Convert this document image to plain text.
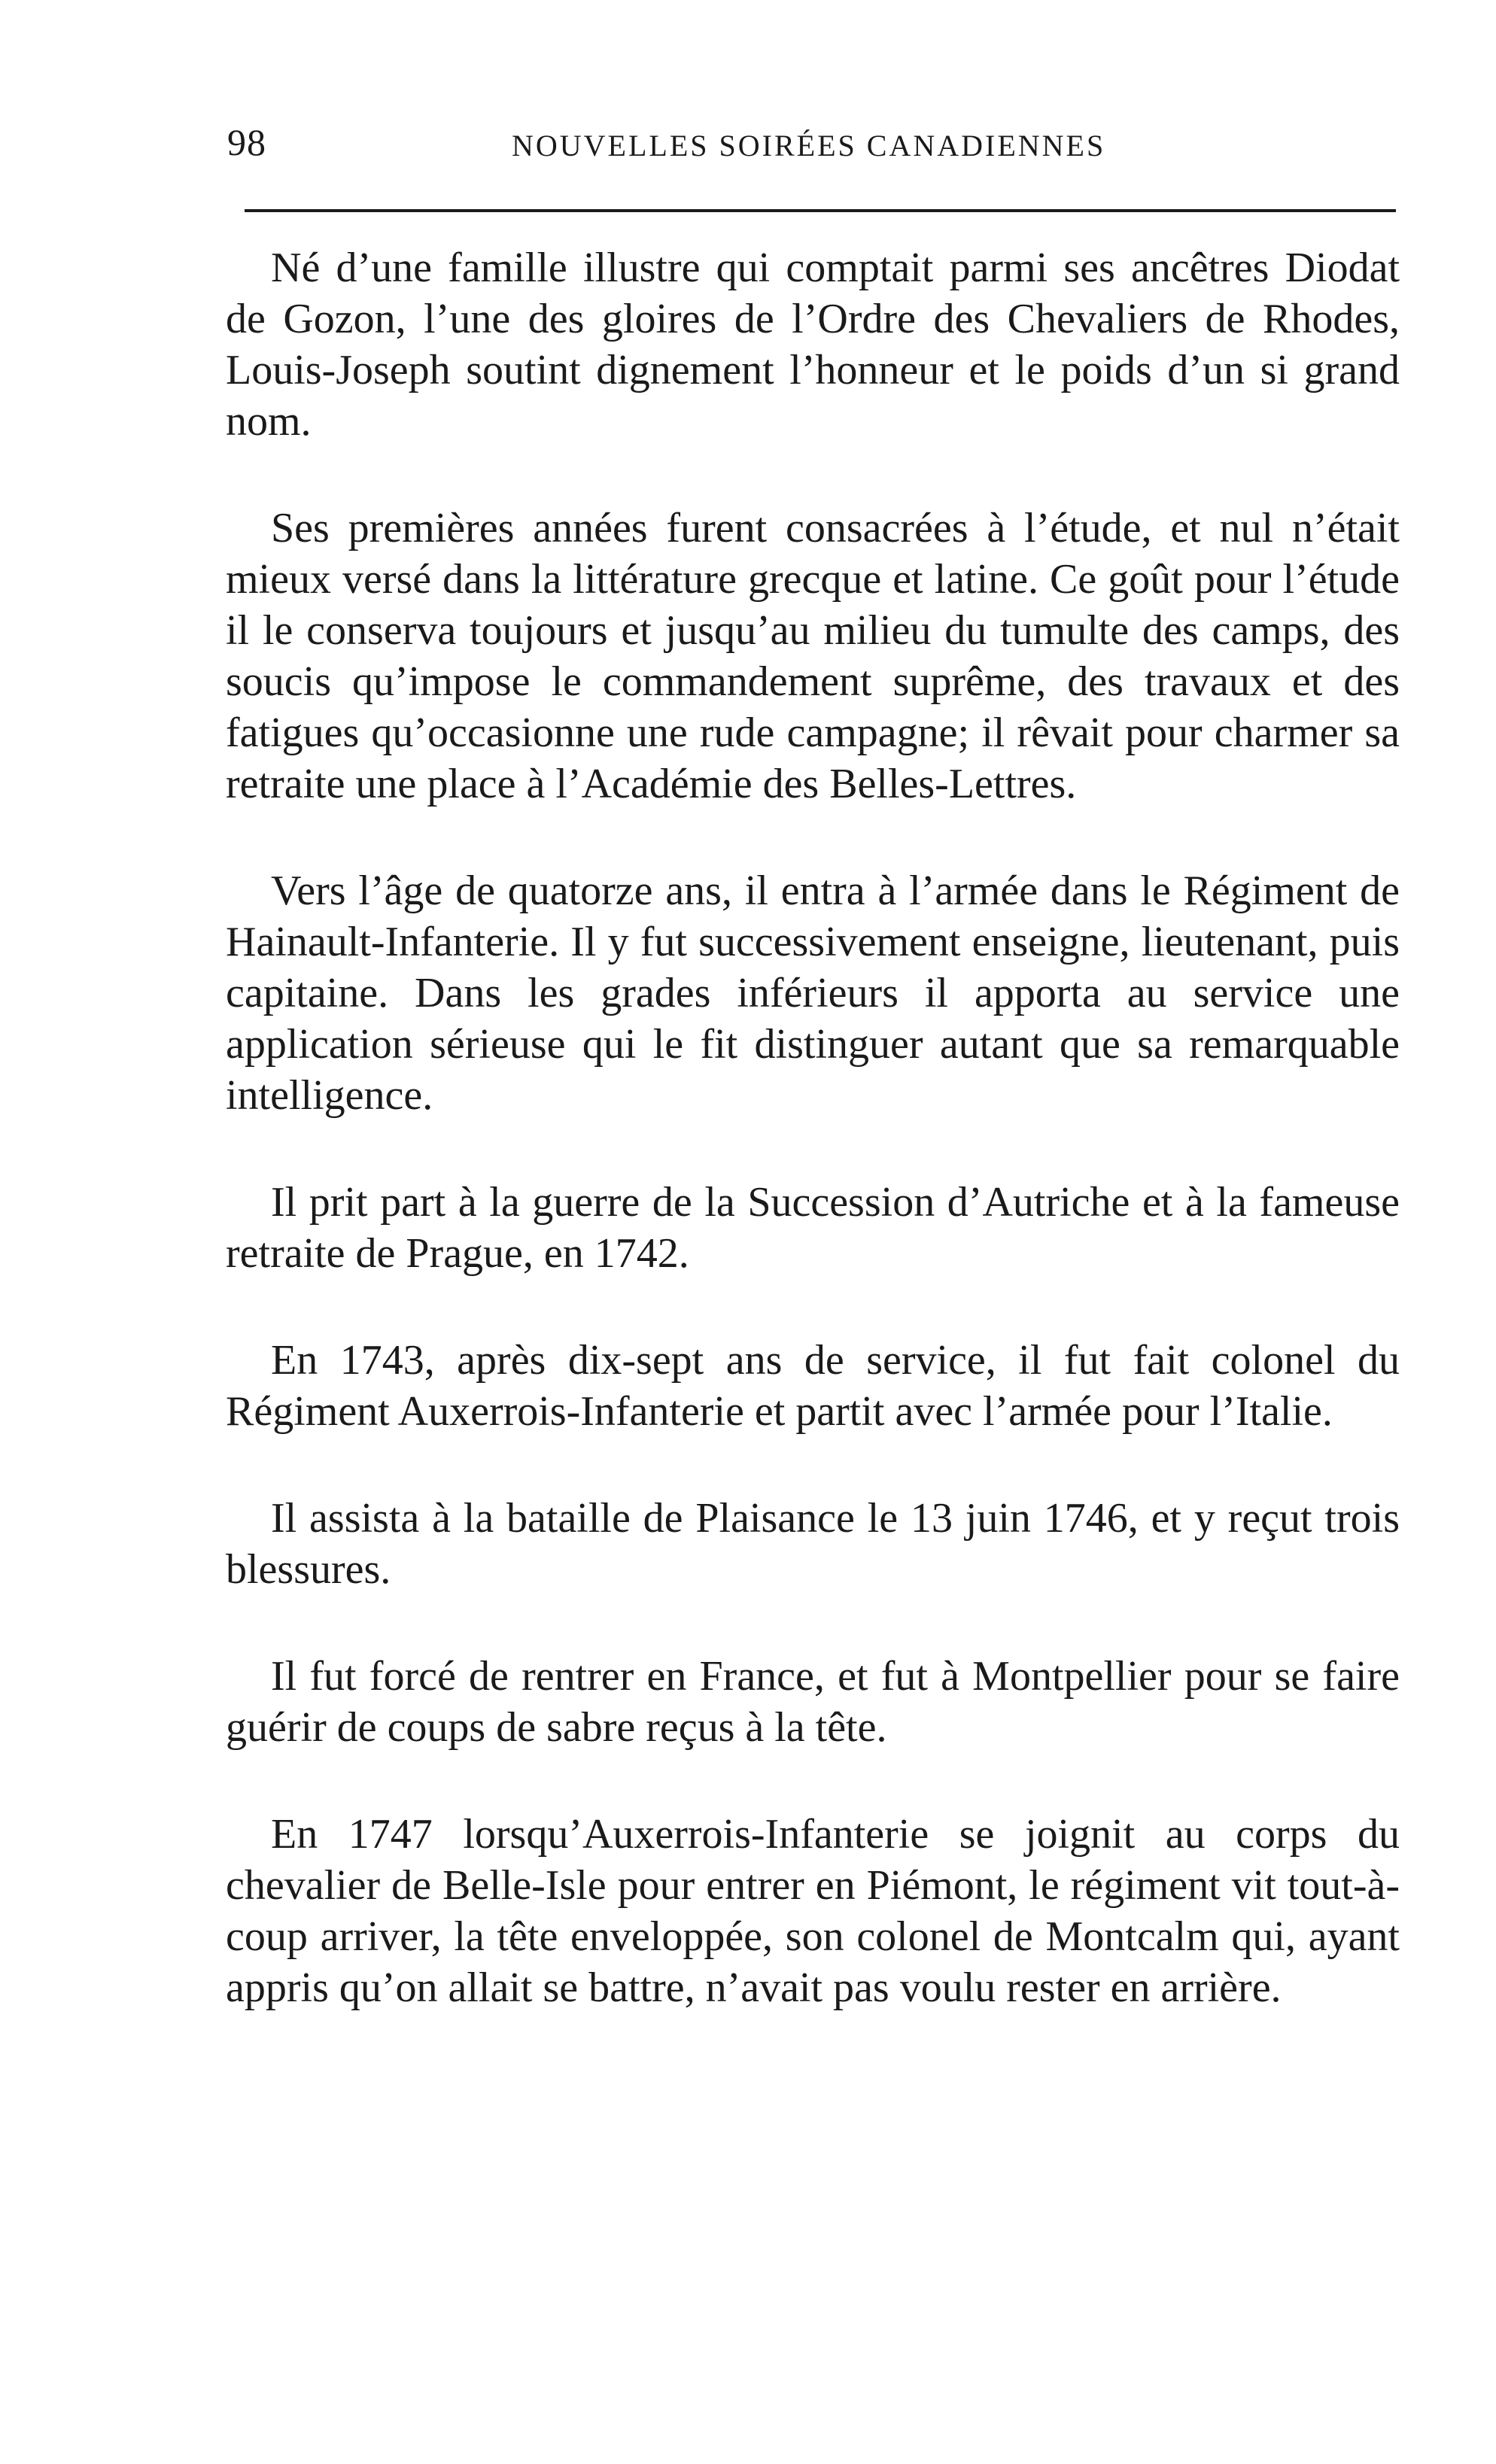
98	NOUVELLES SOIRÉES CANADIENNES

Né d’une famille illustre qui comptait parmi ses ancêtres Diodat de Gozon, l’une des gloires de l’Ordre des Chevaliers de Rhodes, Louis-Joseph soutint dignement l’honneur et le poids d’un si grand nom.

Ses premières années furent consacrées à l’étude, et nul n’était mieux versé dans la littérature grecque et latine. Ce goût pour l’étude il le conserva toujours et jusqu’au milieu du tumulte des camps, des soucis qu’impose le commandement suprême, des travaux et des fatigues qu’occasionne une rude campagne; il rêvait pour charmer sa retraite une place à l’Académie des Belles-Lettres.

Vers l’âge de quatorze ans, il entra à l’armée dans le Régiment de Hainault-Infanterie. Il y fut successivement enseigne, lieutenant, puis capitaine. Dans les grades inférieurs il apporta au service une application sérieuse qui le fit distinguer autant que sa remarquable intelligence.

Il prit part à la guerre de la Succession d’Autriche et à la fameuse retraite de Prague, en 1742.

En 1743, après dix-sept ans de service, il fut fait colonel du Régiment Auxerrois-Infanterie et partit avec l’armée pour l’Italie.

Il assista à la bataille de Plaisance le 13 juin 1746, et y reçut trois blessures.

Il fut forcé de rentrer en France, et fut à Montpellier pour se faire guérir de coups de sabre reçus à la tête.

En 1747 lorsqu’Auxerrois-Infanterie se joignit au corps du chevalier de Belle-Isle pour entrer en Piémont, le régiment vit tout-à-coup arriver, la tête enveloppée, son colonel de Montcalm qui, ayant appris qu’on allait se battre, n’avait pas voulu rester en arrière.
